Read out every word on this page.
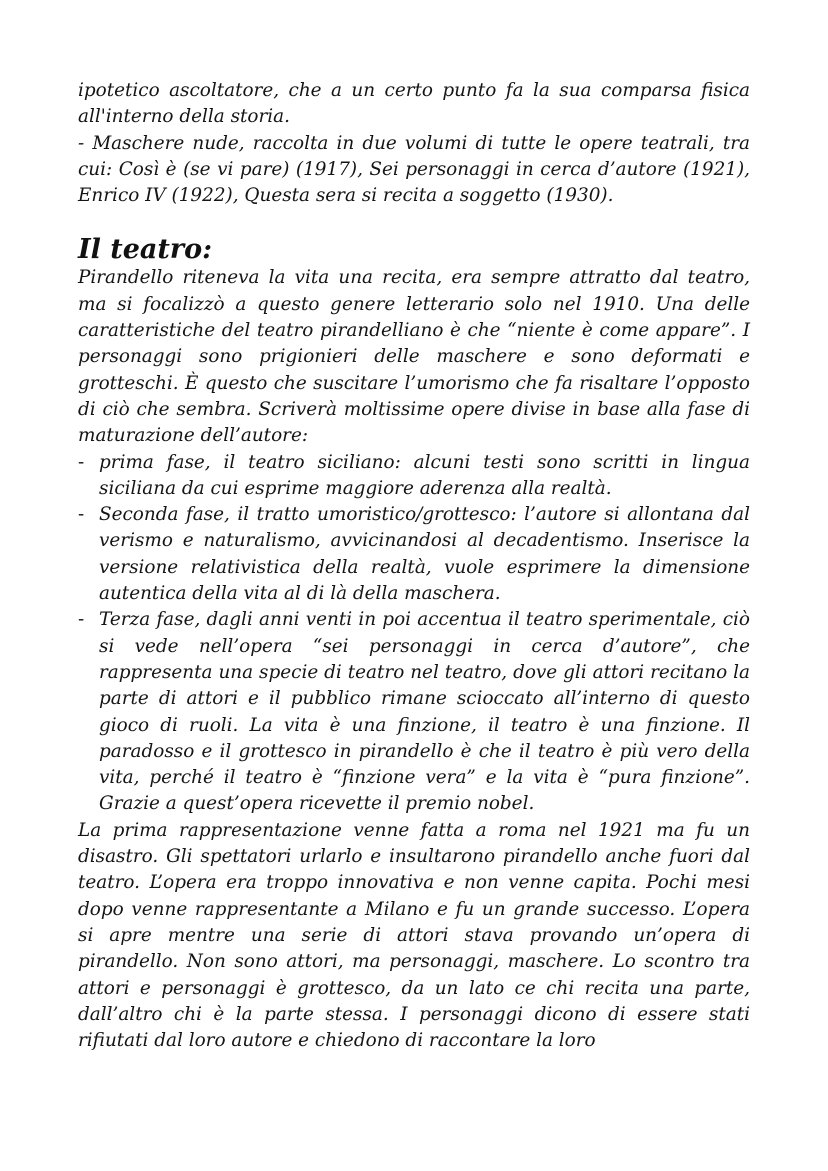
ipotetico ascoltatore, che a un certo punto fa la sua comparsa fisica all'interno della storia.

- Maschere nude, raccolta in due volumi di tutte le opere teatrali, tra cui: Così è (se vi pare) (1917), Sei personaggi in cerca d’autore (1921), Enrico IV (1922), Questa sera si recita a soggetto (1930).

Il teatro:

Pirandello riteneva la vita una recita, era sempre attratto dal teatro, ma si focalizzò a questo genere letterario solo nel 1910. Una delle caratteristiche del teatro pirandelliano è che “niente è come appare”. I personaggi sono prigionieri delle maschere e sono deformati e grotteschi. È questo che suscitare l’umorismo che fa risaltare l’opposto di ciò che sembra. Scriverà moltissime opere divise in base alla fase di maturazione dell’autore:

- prima fase, il teatro siciliano: alcuni testi sono scritti in lingua siciliana da cui esprime maggiore aderenza alla realtà.
- Seconda fase, il tratto umoristico/grottesco: l’autore si allontana dal verismo e naturalismo, avvicinandosi al decadentismo. Inserisce la versione relativistica della realtà, vuole esprimere la dimensione autentica della vita al di là della maschera.
- Terza fase, dagli anni venti in poi accentua il teatro sperimentale, ciò si vede nell’opera “sei personaggi in cerca d’autore”, che rappresenta una specie di teatro nel teatro, dove gli attori recitano la parte di attori e il pubblico rimane scioccato all’interno di questo gioco di ruoli. La vita è una finzione, il teatro è una finzione. Il paradosso e il grottesco in pirandello è che il teatro è più vero della vita, perché il teatro è “finzione vera” e la vita è “pura finzione”. Grazie a quest’opera ricevette il premio nobel.

La prima rappresentazione venne fatta a roma nel 1921 ma fu un disastro. Gli spettatori urlarlo e insultarono pirandello anche fuori dal teatro. L’opera era troppo innovativa e non venne capita. Pochi mesi dopo venne rappresentante a Milano e fu un grande successo. L’opera si apre mentre una serie di attori stava provando un’opera di pirandello. Non sono attori, ma personaggi, maschere. Lo scontro tra attori e personaggi è grottesco, da un lato ce chi recita una parte, dall’altro chi è la parte stessa. I personaggi dicono di essere stati rifiutati dal loro autore e chiedono di raccontare la loro
